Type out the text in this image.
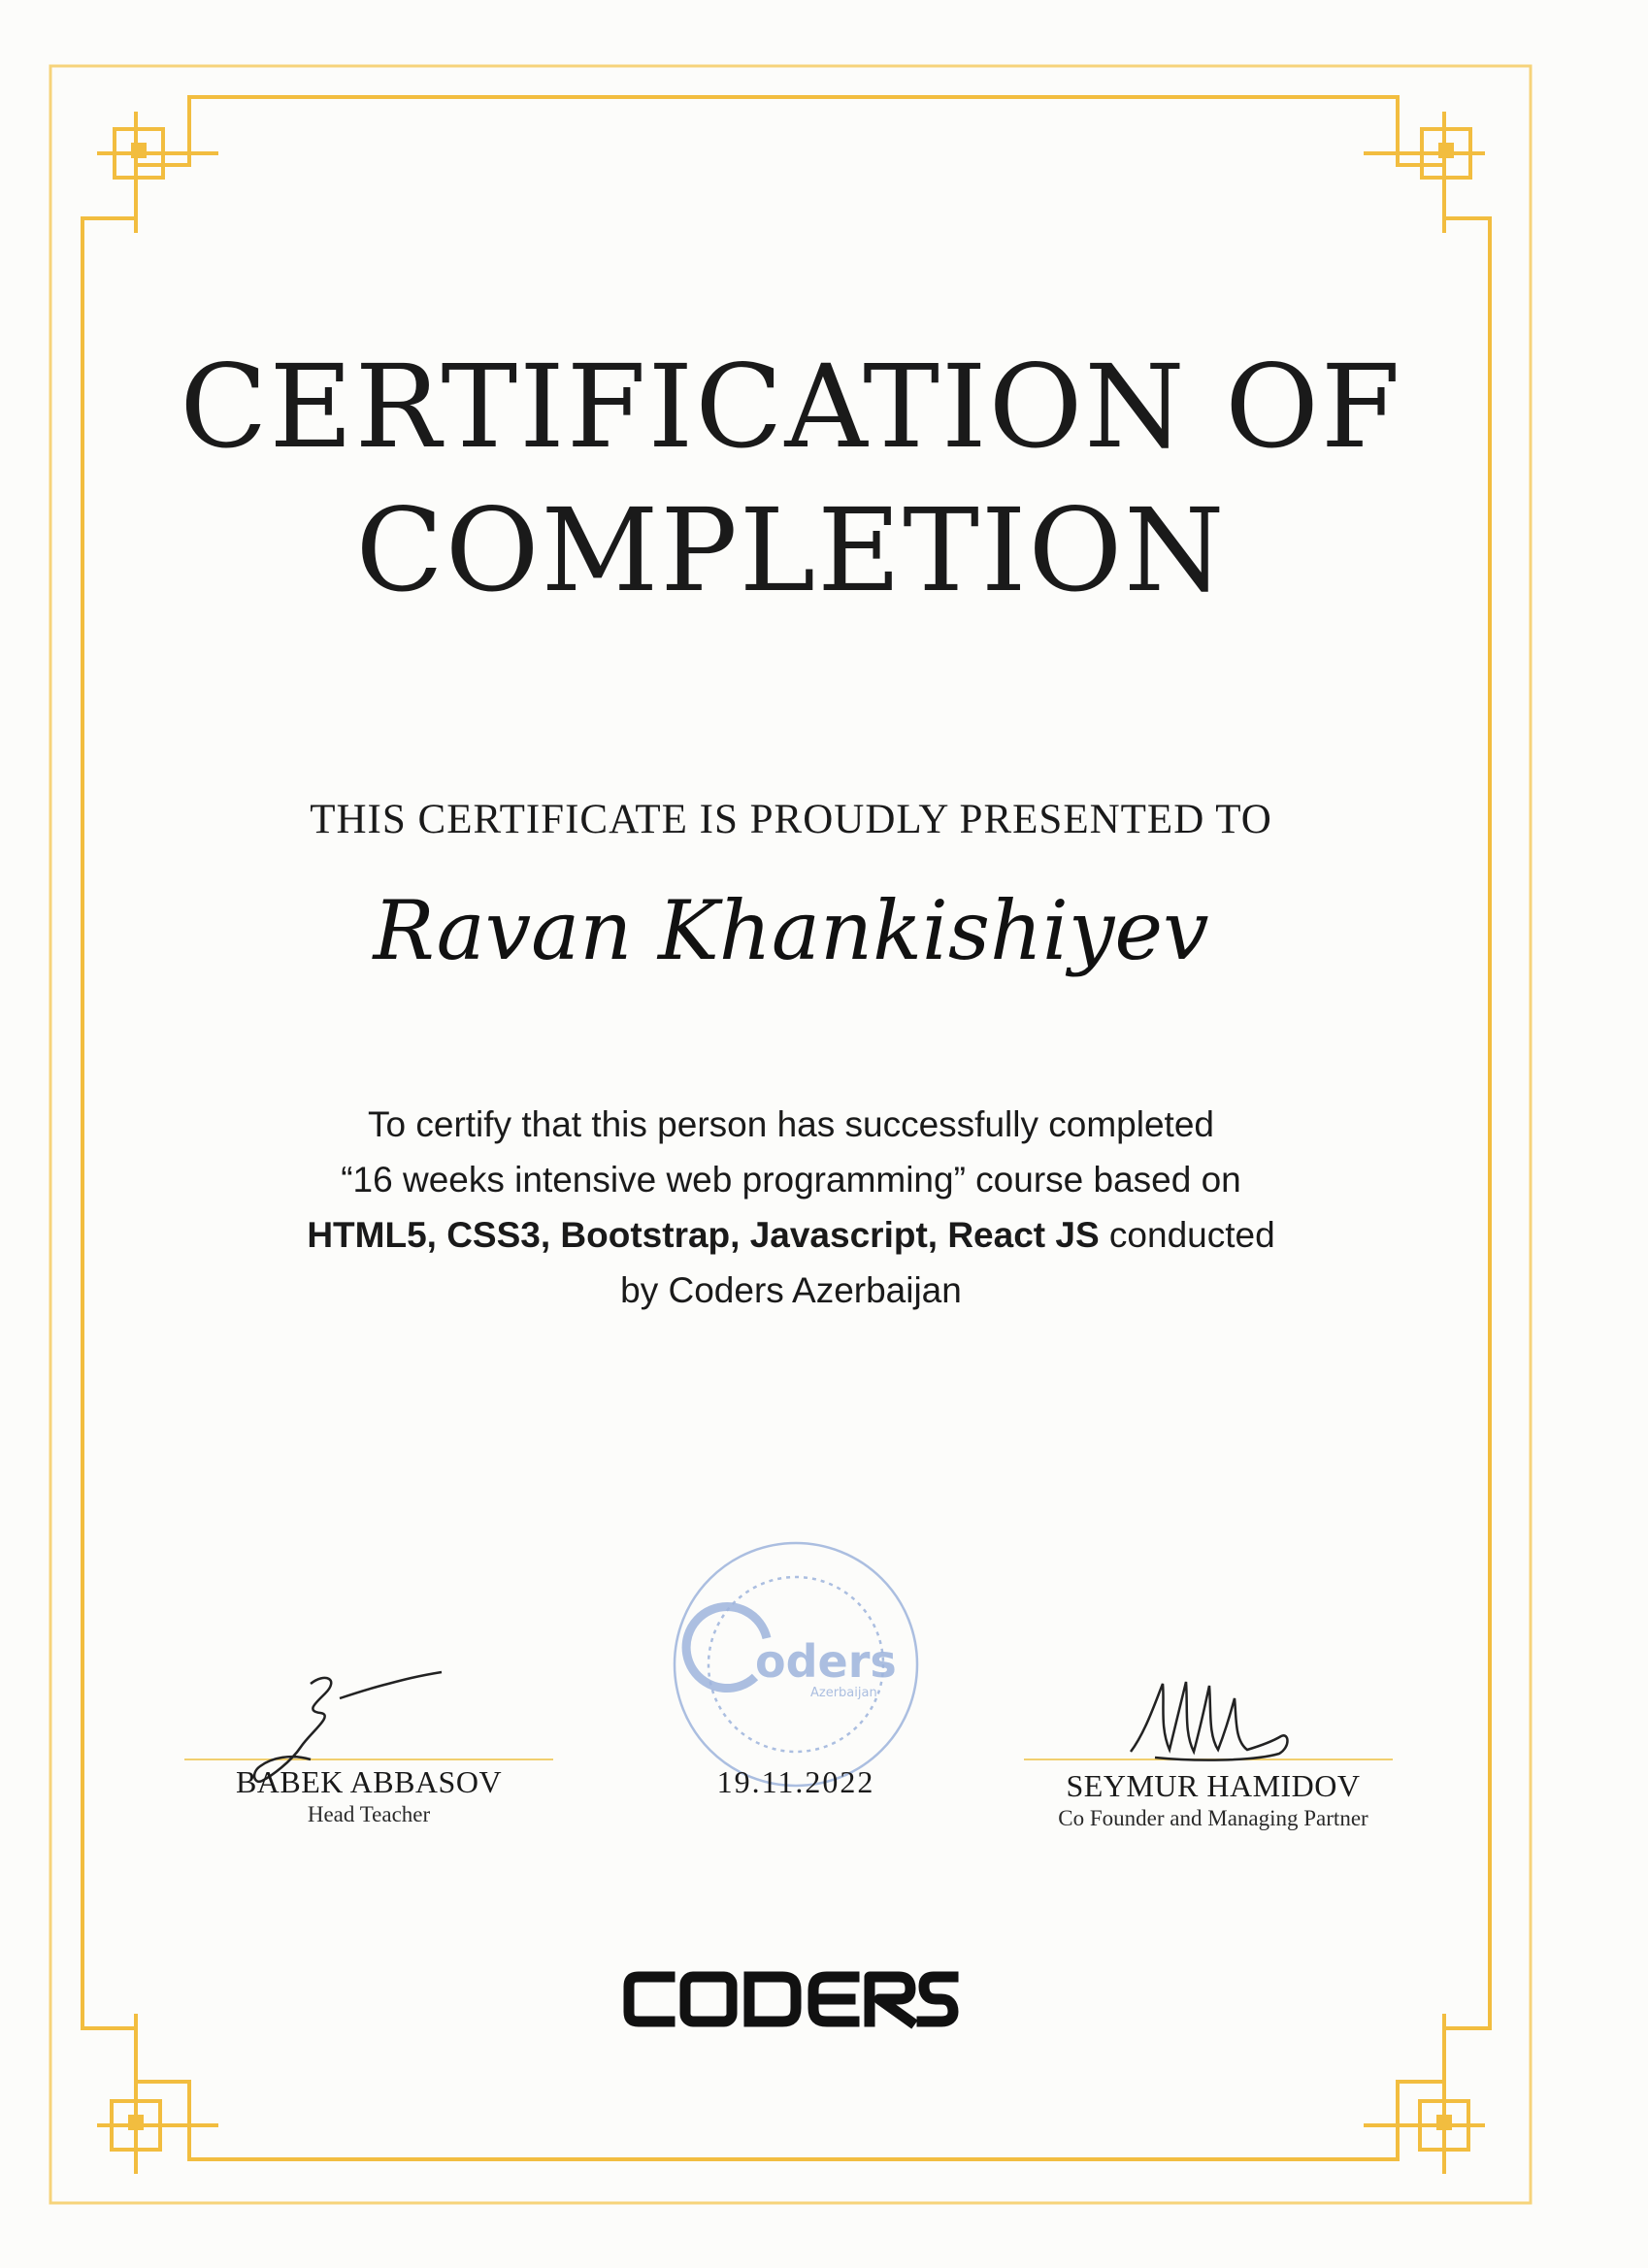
CERTIFICATION OF
COMPLETION
THIS CERTIFICATE IS PROUDLY PRESENTED TO
Ravan Khankishiyev
To certify that this person has successfully completed
“16 weeks intensive web programming” course based on
HTML5, CSS3, Bootstrap, Javascript, React JS conducted
by Coders Azerbaijan
BABEK ABBASOV
Head Teacher
oders
Azerbaijan
19.11.2022	SEYMUR HAMIDOV
Co Founder and Managing Partner
